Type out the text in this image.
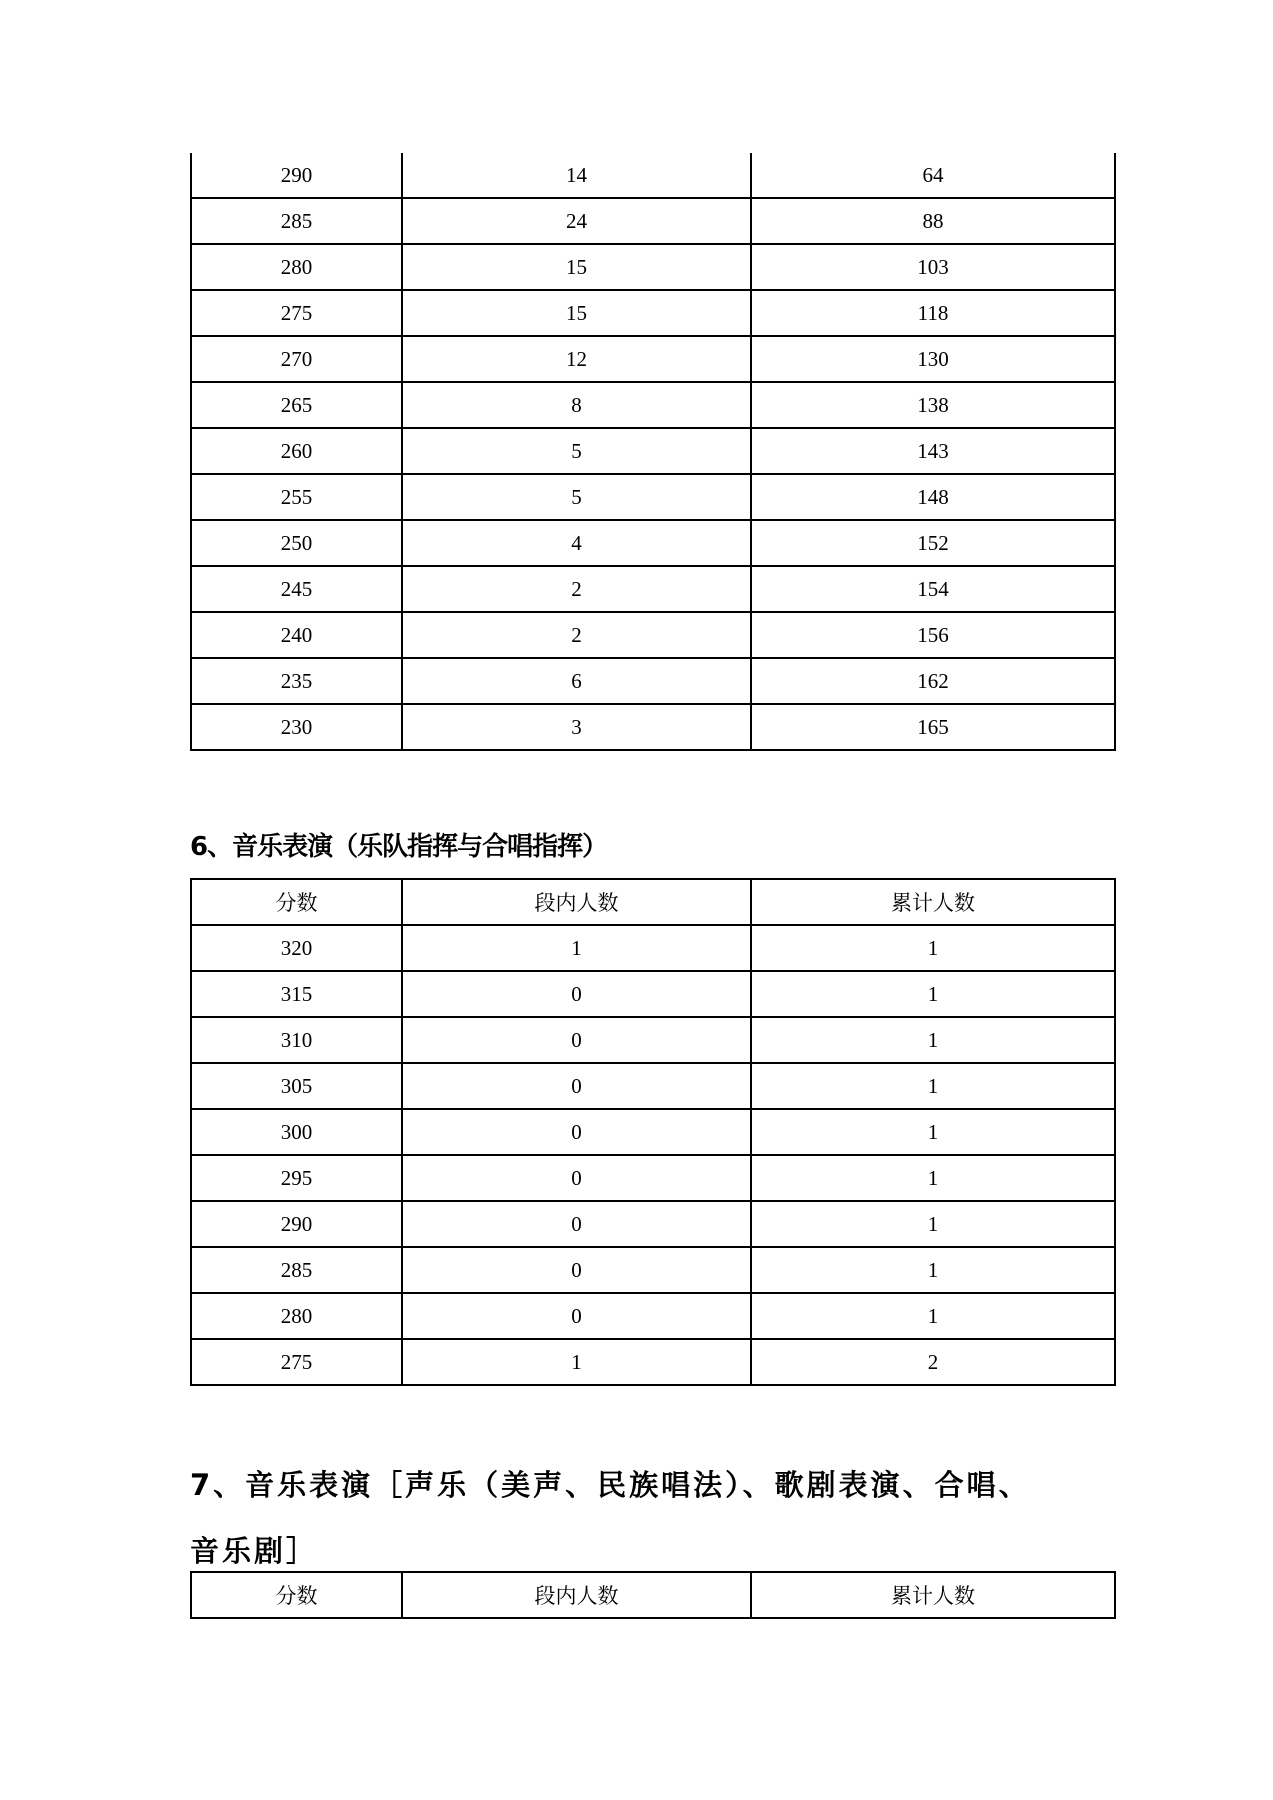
290	14	64
285	24	88
280	15	103
275	15	118
270	12	130
265	8	138
260	5	143
255	5	148
250	4	152
245	2	154
240	2	156
235	6	162
230	3	165
6、音乐表演（乐队指挥与合唱指挥）
分数	段内人数	累计人数
320	1	1
315	0	1
310	0	1
305	0	1
300	0	1
295	0	1
290	0	1
285	0	1
280	0	1
275	1	2
7、音乐表演［声乐（美声、民族唱法）、歌剧表演、合唱、
音乐剧］
分数	段内人数	累计人数
